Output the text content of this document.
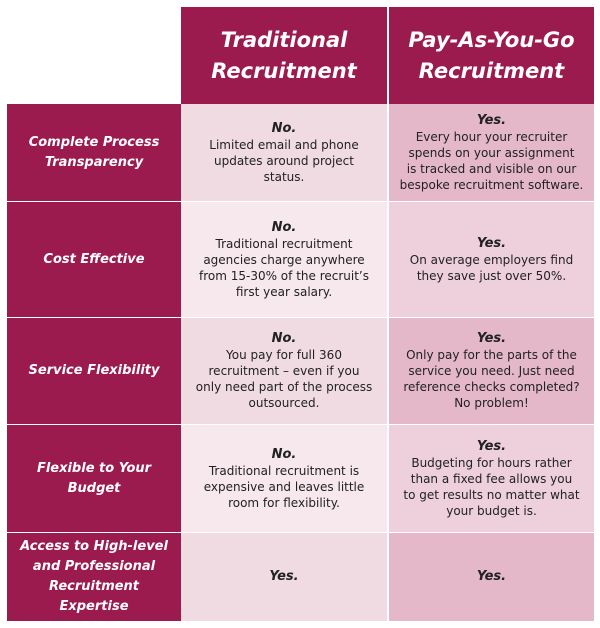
Traditional
Recruitment
Pay-As-You-Go
Recruitment
Complete Process
Transparency
No.
Limited email and phone
updates around project
status.
Yes.
Every hour your recruiter
spends on your assignment
is tracked and visible on our
bespoke recruitment software.
Cost Effective
No.
Traditional recruitment
agencies charge anywhere
from 15-30% of the recruit’s
first year salary.
Yes.
On average employers find
they save just over 50%.
Service Flexibility
No.
You pay for full 360
recruitment – even if you
only need part of the process
outsourced.
Yes.
Only pay for the parts of the
service you need. Just need
reference checks completed?
No problem!
Flexible to Your Budget
No.
Traditional recruitment is
expensive and leaves little
room for flexibility.
Yes.
Budgeting for hours rather
than a fixed fee allows you
to get results no matter what
your budget is.
Access to High-level
and Professional
Recruitment Expertise
Yes.	Yes.
